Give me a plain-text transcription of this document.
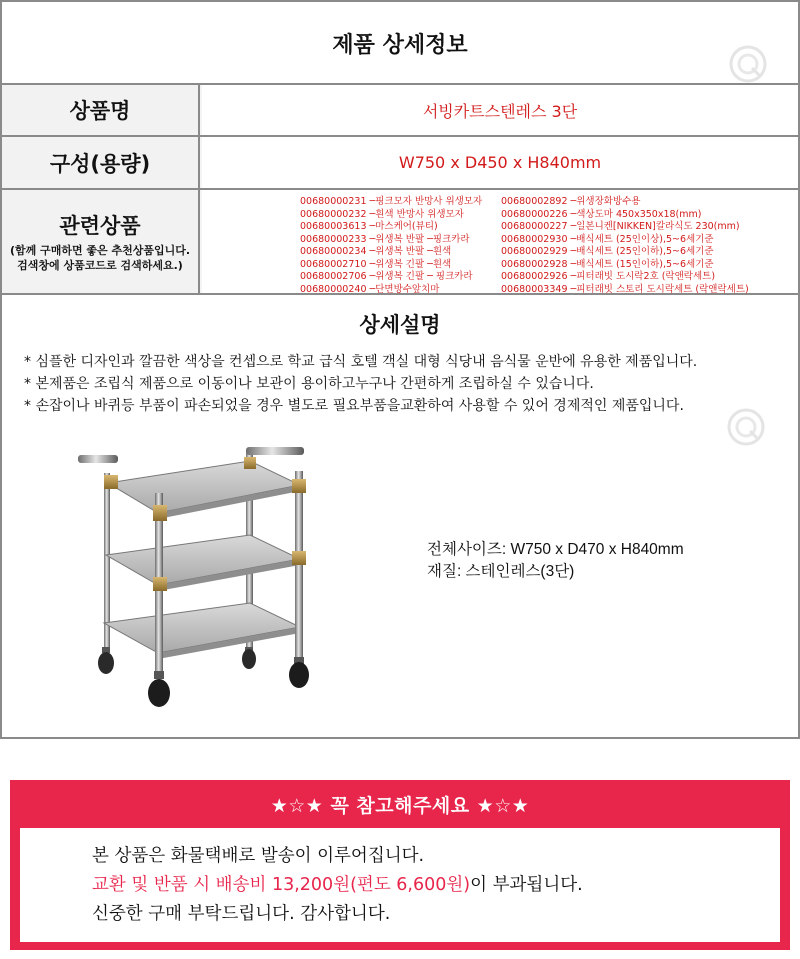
제품 상세정보
상품명	서빙카트스텐레스 3단
구성(용량)	W750 x D450 x H840mm
관련상품
(함께 구매하면 좋은 추천상품입니다.
검색창에 상품코드로 검색하세요.)
00680000231 ─핑크모자 반망사 위생모자
00680000232 ─흰색 반망사 위생모자
00680003613 ─마스케어(뷰티)
00680000233 ─위생복 반팔 ─핑크카라
00680000234 ─위생복 반팔 ─흰색
00680002710 ─위생복 긴팔 ─흰색
00680002706 ─위생복 긴팔 ─ 핑크카라
00680000240 ─단면방수앞치마
00680002892 ─위생장화방수용
00680000226 ─색상도마 450x350x18(mm)
00680000227 ─일본니켄[NIKKEN]칼라식도 230(mm)
00680002930 ─배식세트 (25인이상),5~6세기준
00680002929 ─배식세트 (25인이하),5~6세기준
00680002928 ─배식세트 (15인이하),5~6세기준
00680002926 ─피터래빗 도시락2호 (락앤락세트)
00680003349 ─피터래빗 스토리 도시락세트 (락앤락세트)
상세설명
* 심플한 디자인과 깔끔한 색상을 컨셉으로 학교 급식 호텔 객실 대형 식당내 음식물 운반에 유용한 제품입니다.
* 본제품은 조립식 제품으로 이동이나 보관이 용이하고누구나 간편하게 조립하실 수 있습니다.
* 손잡이나 바퀴등 부품이 파손되었을 경우 별도로 필요부품을교환하여 사용할 수 있어 경제적인 제품입니다.
전체사이즈: W750 x D470 x H840mm
재질: 스테인레스(3단)
★☆★ 꼭 참고해주세요 ★☆★
본 상품은 화물택배로 발송이 이루어집니다.
교환 및 반품 시 배송비 13,200원(편도 6,600원)이 부과됩니다.
신중한 구매 부탁드립니다. 감사합니다.
